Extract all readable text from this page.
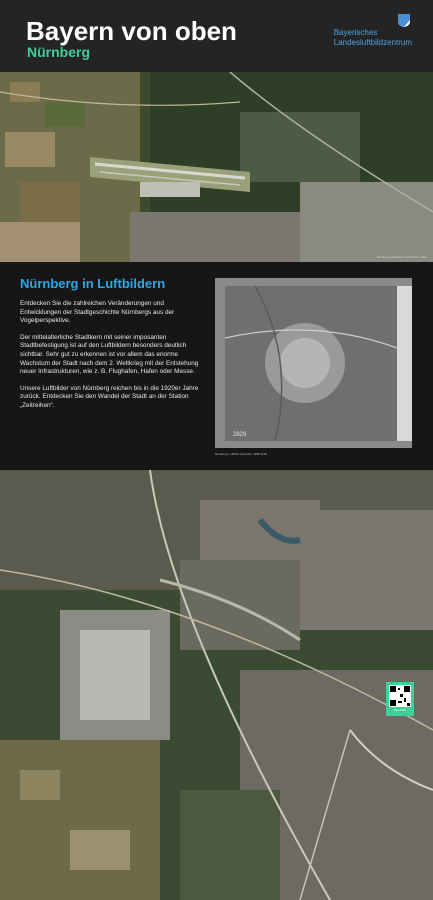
Bayern von oben
Nürnberg
Bayerisches
Landesluftbildzentrum
Nürnberg, Digitales Orthophoto, 2021
Nürnberg in Luftbildern

Entdecken Sie die zahlreichen Veränderungen und Entwicklungen der Stadtgeschichte Nürnbergs aus der Vogelperspektive.

Der mittelalterliche Stadtkern mit seiner imposanten Stadtbefestigung ist auf den Luftbildern besonders deutlich sichtbar. Sehr gut zu erkennen ist vor allem das enorme Wachstum der Stadt nach dem 2. Weltkrieg mit der Entstehung neuer Infrastrukturen, wie z. B. Flughafen, Hafen oder Messe.

Unsere Luftbilder von Nürnberg reichen bis in die 1920er Jahre zurück. Entdecken Sie den Wandel der Stadt an der Station „Zeitreihen“.

2829
Nürnberg, Luftbild Kopuoltu, 1928 6/18
Infos online
